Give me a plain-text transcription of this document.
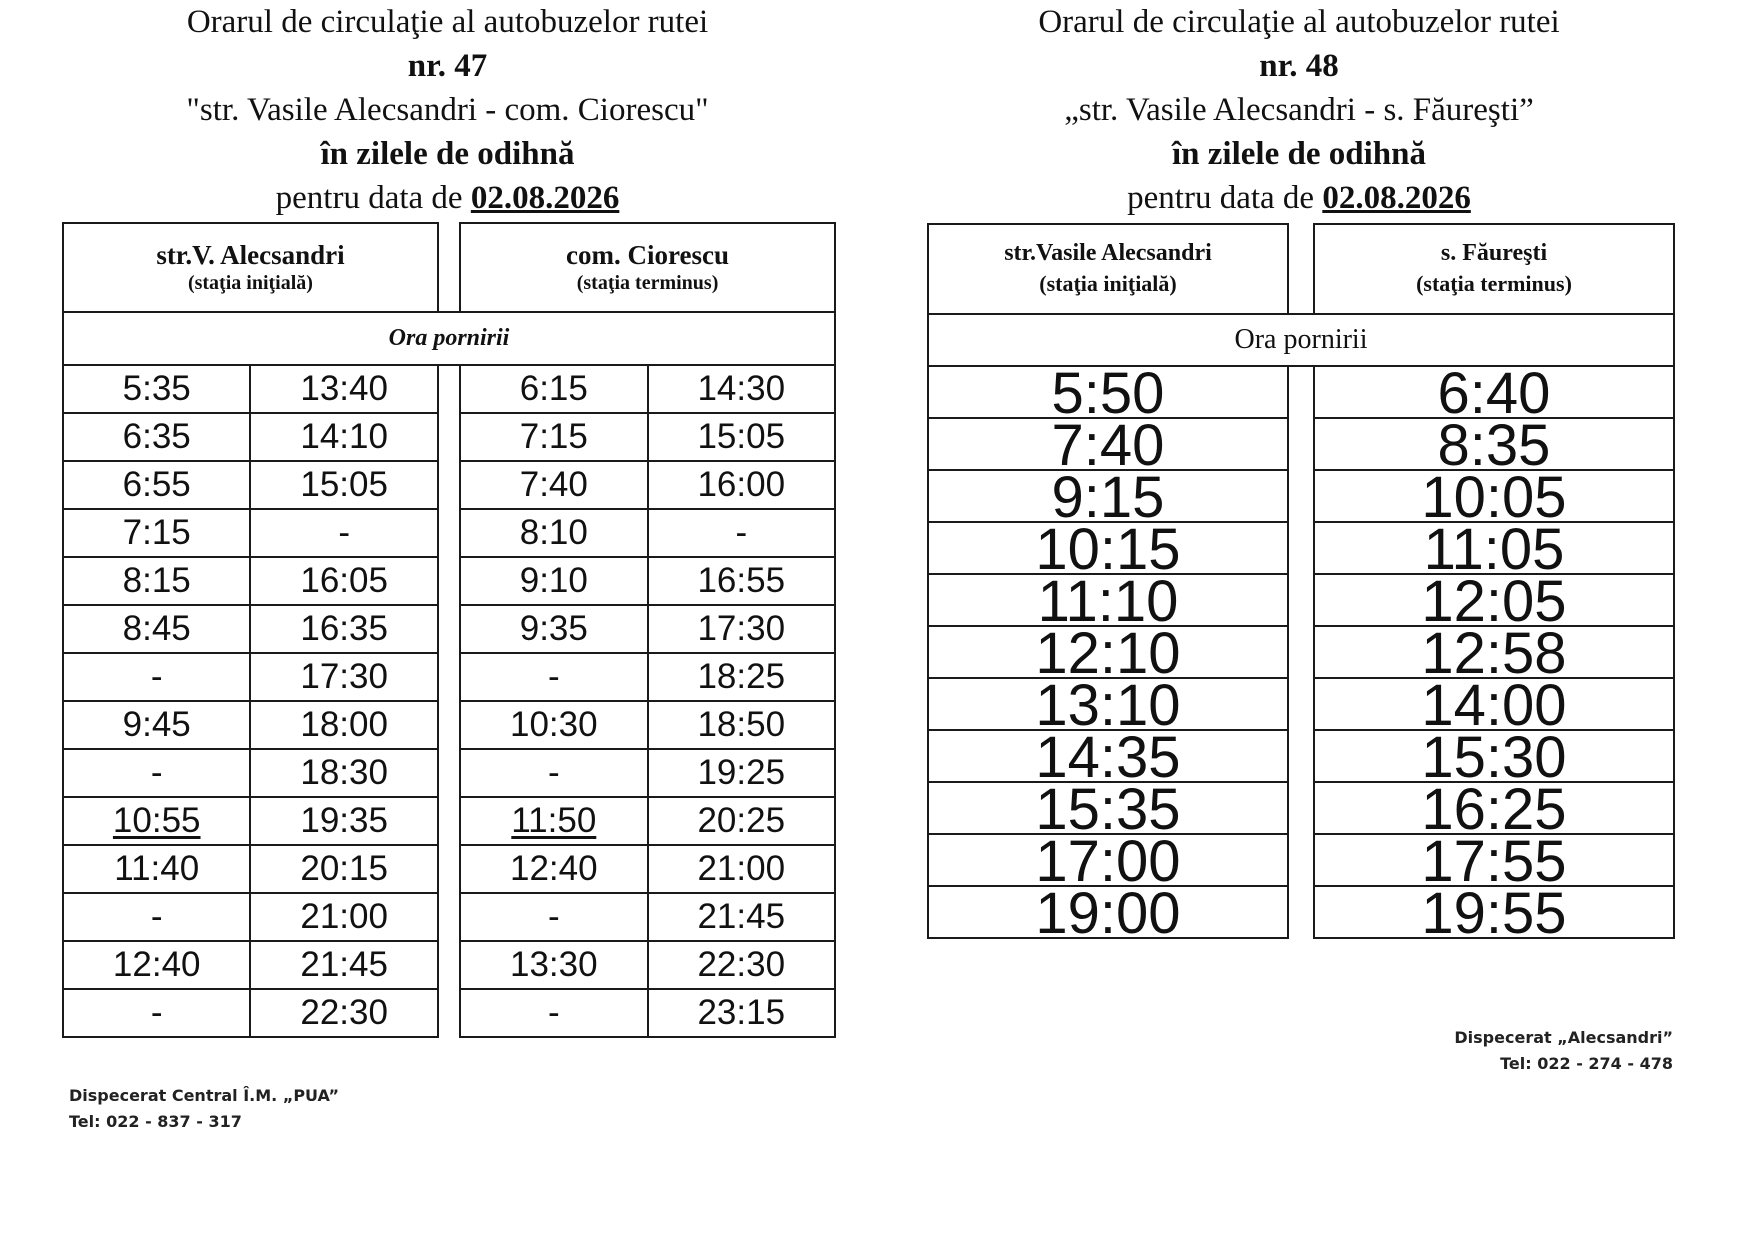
Orarul de circulaţie al autobuzelor rutei
nr. 47
"str. Vasile Alecsandri - com. Ciorescu"
în zilele de odihnă
pentru data de 02.08.2026
str.V. Alecsandri
(staţia iniţială)			com. Ciorescu
(staţia terminus)	

Ora pornirii				
5:35	13:40		6:15	14:30
6:35	14:10		7:15	15:05
6:55	15:05		7:40	16:00
7:15	-		8:10	-
8:15	16:05		9:10	16:55
8:45	16:35		9:35	17:30
-	17:30		-	18:25
9:45	18:00		10:30	18:50
-	18:30		-	19:25
10:55	19:35		11:50	20:25
11:40	20:15		12:40	21:00
-	21:00		-	21:45
12:40	21:45		13:30	22:30
-	22:30		-	23:15
Orarul de circulaţie al autobuzelor rutei
nr. 48
„str. Vasile Alecsandri - s. Făureşti”
în zilele de odihnă
pentru data de 02.08.2026
str.Vasile Alecsandri
(staţia iniţială)		s. Făureşti
(staţia terminus)

Ora pornirii		
5:50		6:40
7:40		8:35
9:15		10:05
10:15		11:05
11:10		12:05
12:10		12:58
13:10		14:00
14:35		15:30
15:35		16:25
17:00		17:55
19:00		19:55
Dispecerat Central Î.M. „PUA”
Tel: 022 - 837 - 317
Dispecerat „Alecsandri”
Tel: 022 - 274 - 478
